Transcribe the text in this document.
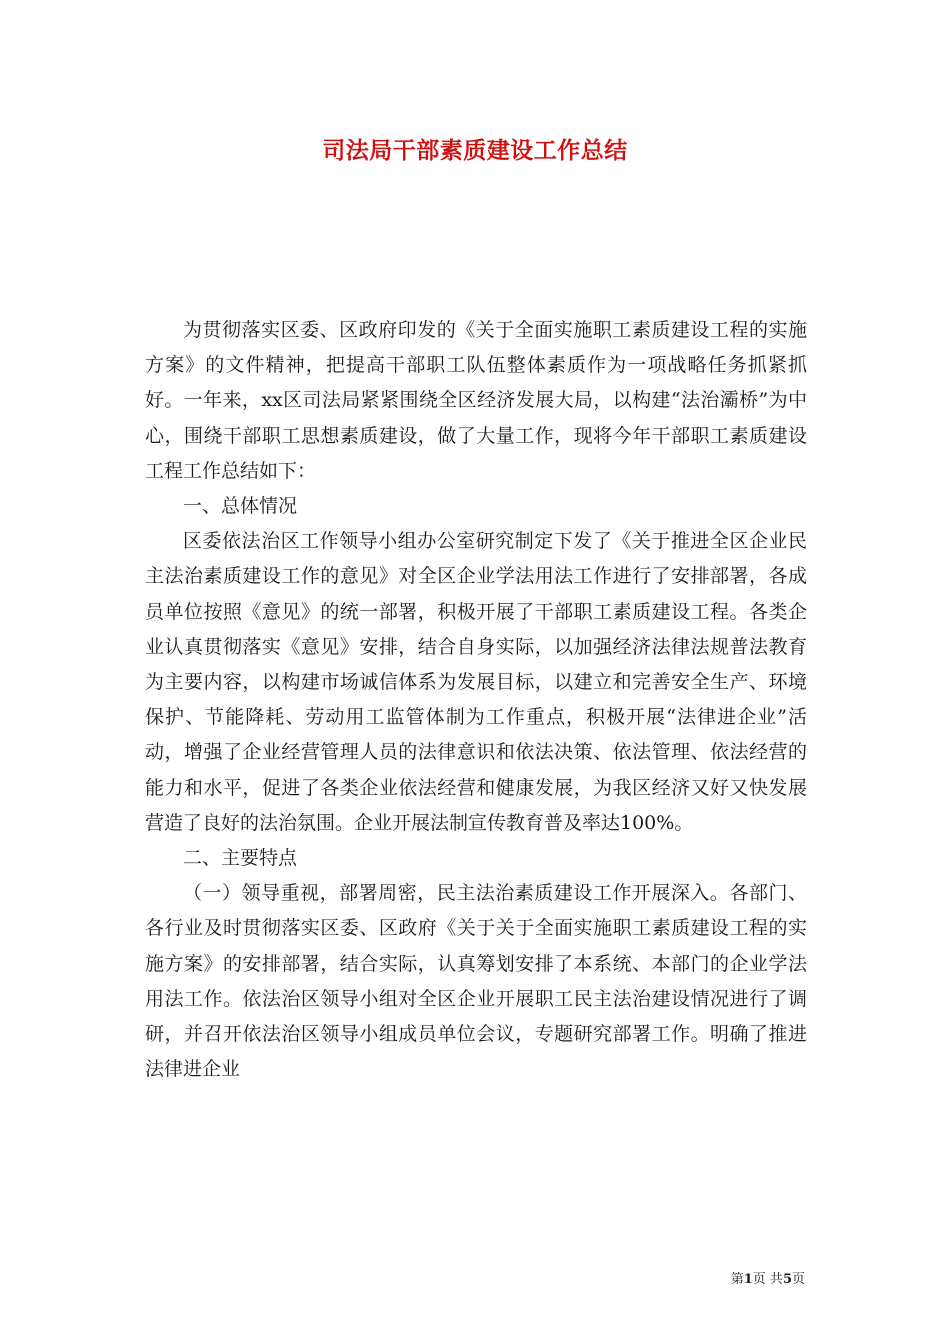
司法局干部素质建设工作总结

为贯彻落实区委、区政府印发的《关于全面实施职工素质建设工程的实施方案》的文件精神，把提高干部职工队伍整体素质作为一项战略任务抓紧抓好。一年来，xx区司法局紧紧围绕全区经济发展大局，以构建“法治灞桥”为中心，围绕干部职工思想素质建设，做了大量工作，现将今年干部职工素质建设工程工作总结如下：

一、总体情况

区委依法治区工作领导小组办公室研究制定下发了《关于推进全区企业民主法治素质建设工作的意见》对全区企业学法用法工作进行了安排部署，各成员单位按照《意见》的统一部署，积极开展了干部职工素质建设工程。各类企业认真贯彻落实《意见》安排，结合自身实际，以加强经济法律法规普法教育为主要内容，以构建市场诚信体系为发展目标，以建立和完善安全生产、环境保护、节能降耗、劳动用工监管体制为工作重点，积极开展“法律进企业”活动，增强了企业经营管理人员的法律意识和依法决策、依法管理、依法经营的能力和水平，促进了各类企业依法经营和健康发展，为我区经济又好又快发展营造了良好的法治氛围。企业开展法制宣传教育普及率达100%。

二、主要特点

（一）领导重视，部署周密，民主法治素质建设工作开展深入。各部门、各行业及时贯彻落实区委、区政府《关于关于全面实施职工素质建设工程的实施方案》的安排部署，结合实际，认真筹划安排了本系统、本部门的企业学法用法工作。依法治区领导小组对全区企业开展职工民主法治建设情况进行了调研，并召开依法治区领导小组成员单位会议，专题研究部署工作。明确了推进法律进企业

第1页 共5页
